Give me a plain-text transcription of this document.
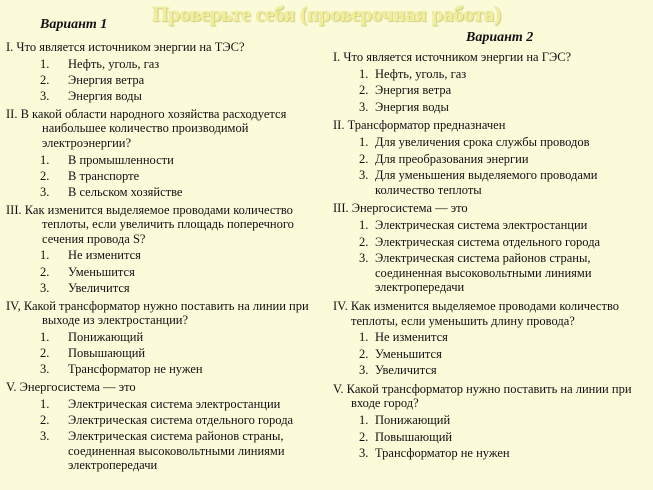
Проверьте себя (проверочная работа)
Вариант 1
Вариант 2
I. Что является источником энергии на ТЭС?
1. Нефть, уголь, газ
2. Энергия ветра
3. Энергия воды
II. В какой области народного хозяйства расходуется наибольшее количество производимой электроэнергии?
1. В промышленности
2. В транспорте
3. В сельском хозяйстве
III. Как изменится выделяемое проводами количество теплоты, если увеличить площадь поперечного сечения провода S?
1. Не изменится
2. Уменьшится
3. Увеличится
IV, Какой трансформатор нужно поставить на линии при выходе из электростанции?
1. Понижающий
2. Повышающий
3. Трансформатор не нужен
V. Энергосистема — это
1. Электрическая система электростанции
2. Электрическая система отдельного города
3. Электрическая система районов страны, соединенная высоковольтными линиями электропередачи
I. Что является источником энергии на ГЭС?
1. Нефть, уголь, газ
2. Энергия ветра
3. Энергия воды
II. Трансформатор предназначен
1. Для увеличения срока службы проводов
2. Для преобразования энергии
3. Для уменьшения выделяемого проводами количество теплоты
III. Энергосистема — это
1. Электрическая система электростанции
2. Электрическая система отдельного города
3. Электрическая система районов страны, соединенная высоковольтными линиями электропередачи
IV. Как изменится выделяемое проводами количество теплоты, если уменьшить длину провода?
1. Не изменится
2. Уменьшится
3. Увеличится
V. Какой трансформатор нужно поставить на линии при входе город?
1. Понижающий
2. Повышающий
3. Трансформатор не нужен
